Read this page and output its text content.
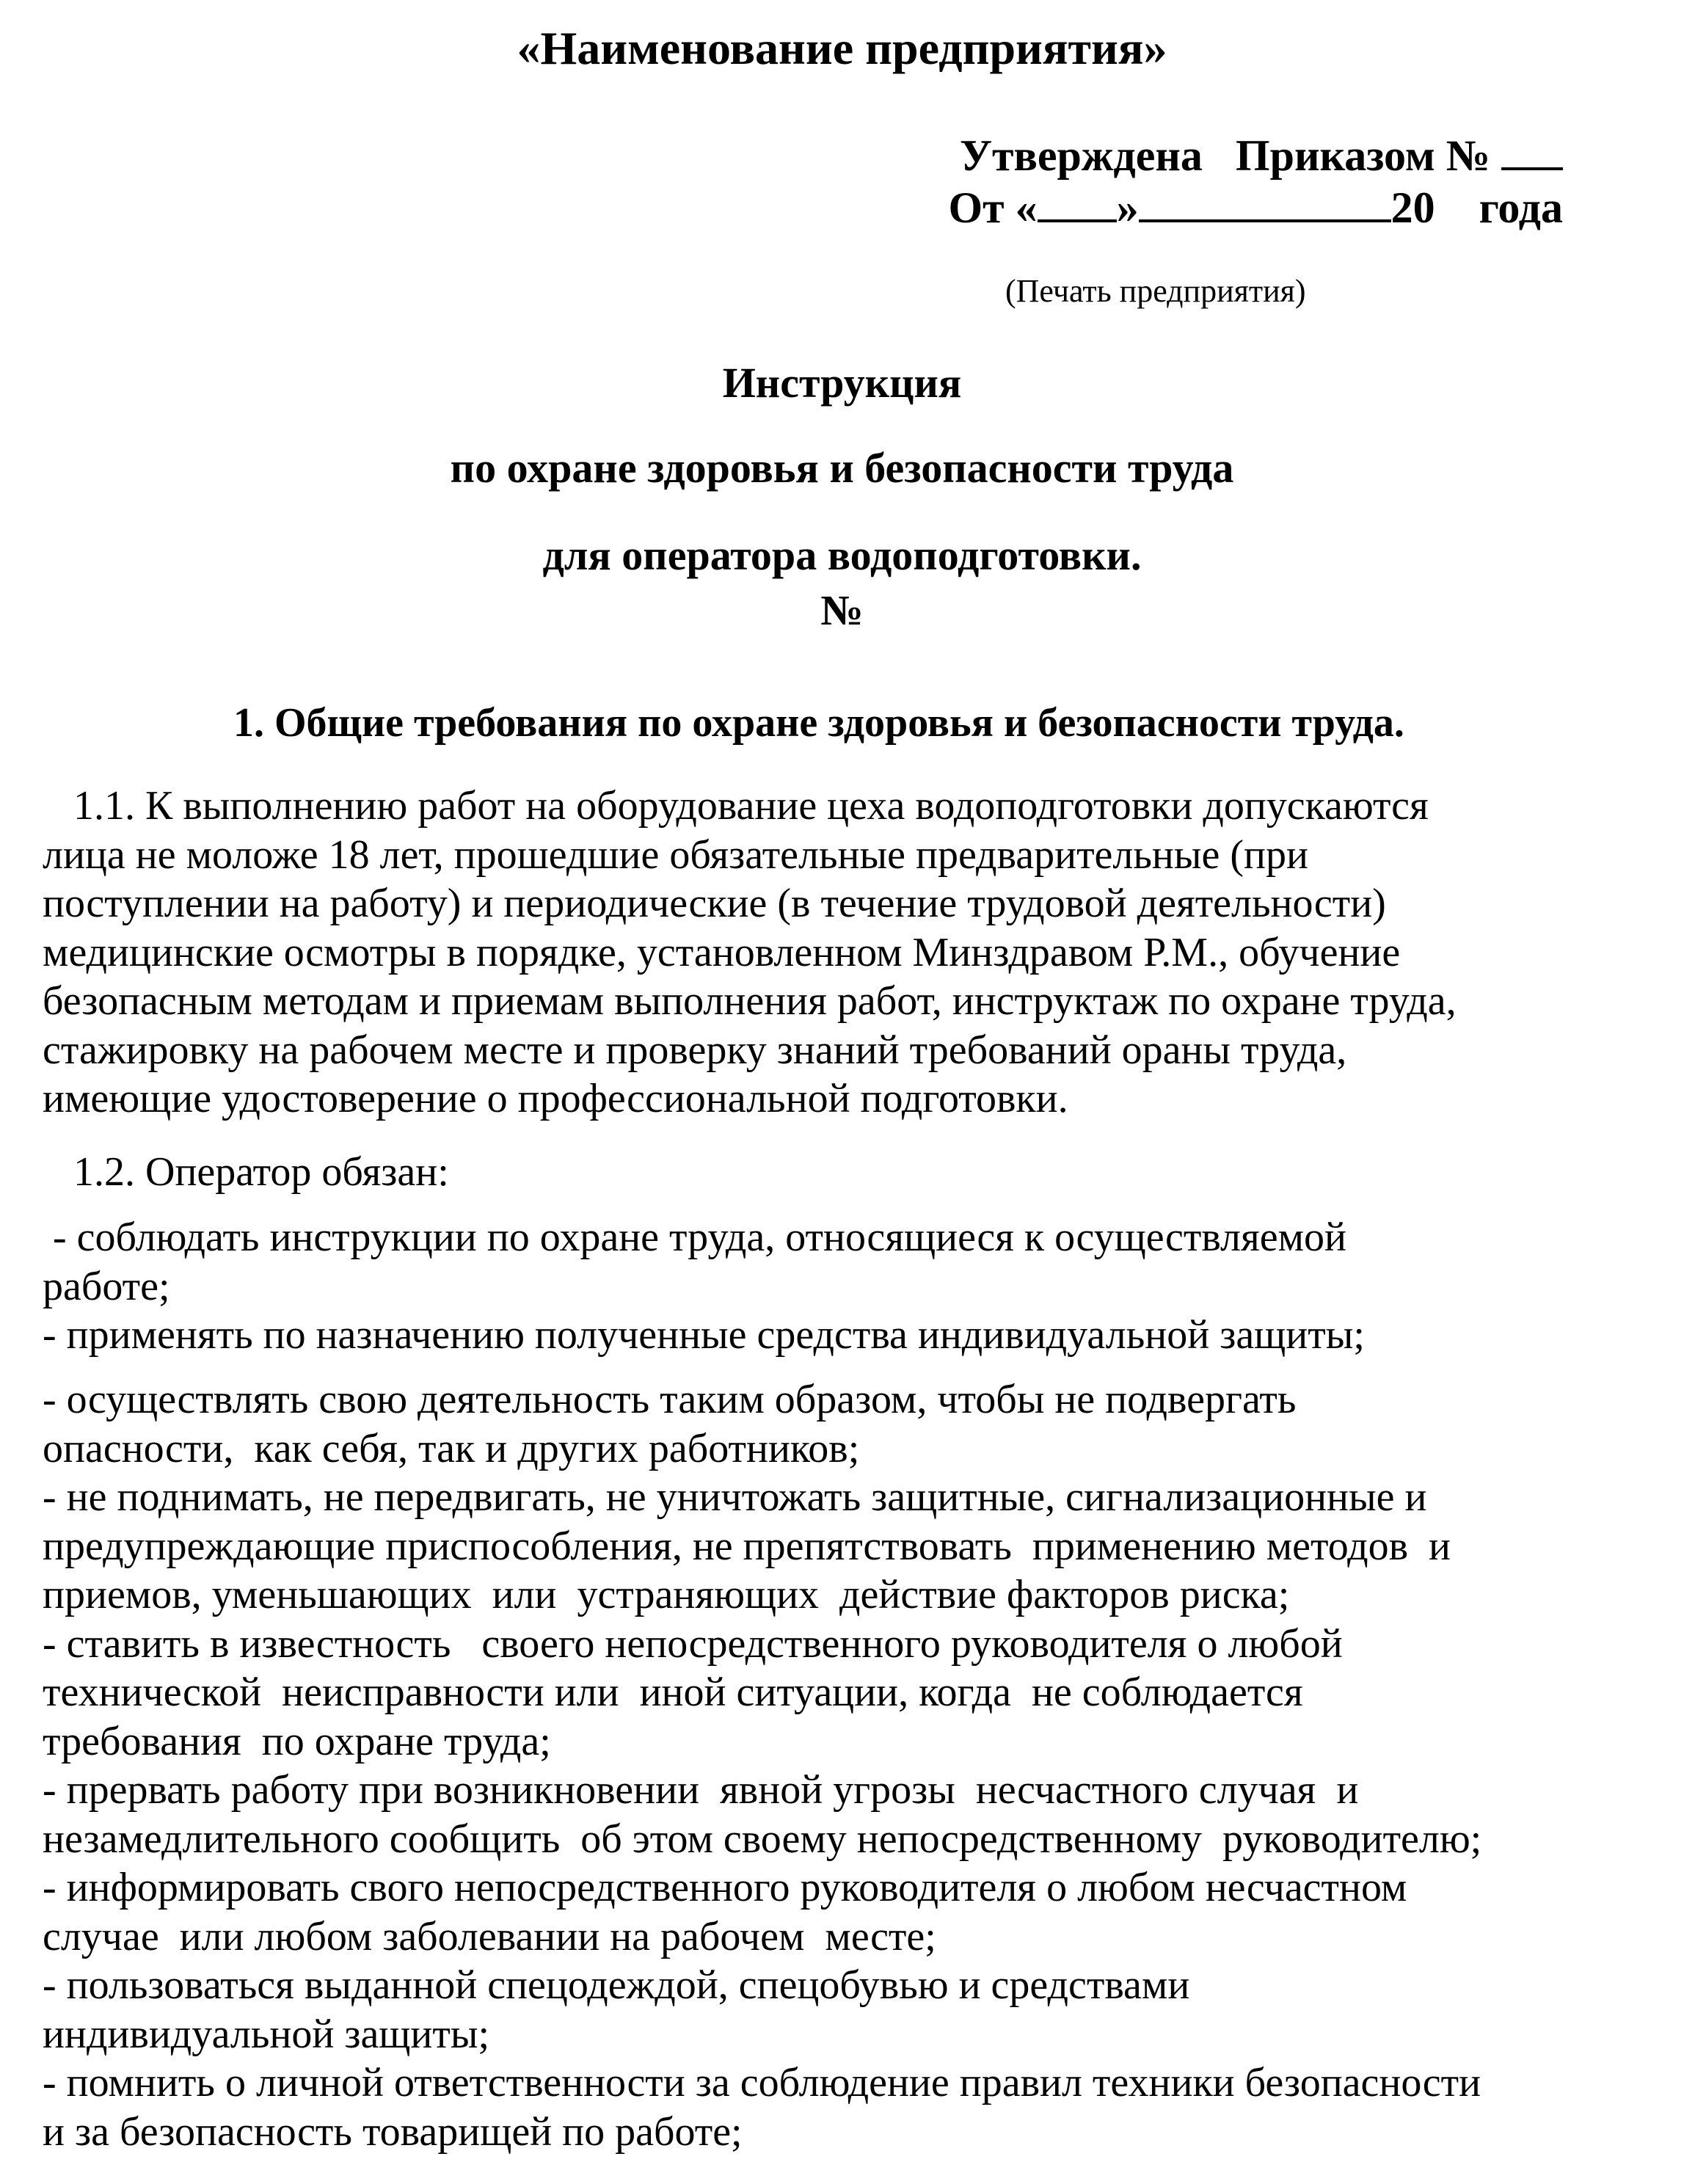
«Наименование предприятия»
Утверждена   Приказом №
От « »	20    года
(Печать предприятия)
Инструкция
по охране здоровья и безопасности труда
для оператора водоподготовки.
№
1. Общие требования по охране здоровья и безопасности труда.

1.1. К выполнению работ на оборудование цеха водоподготовки допускаются

лица не моложе 18 лет, прошедшие обязательные предварительные (при

поступлении на работу) и периодические (в течение трудовой деятельности)

медицинские осмотры в порядке, установленном Минздравом Р.М., обучение

безопасным методам и приемам выполнения работ, инструктаж по охране труда,

стажировку на рабочем месте и проверку знаний требований ораны труда,

имеющие удостоверение о профессиональной подготовки.

1.2. Оператор обязан:

- соблюдать инструкции по охране труда, относящиеся к осуществляемой

работе;

- применять по назначению полученные средства индивидуальной защиты;

- осуществлять свою деятельность таким образом, чтобы не подвергать

опасности,  как себя, так и других работников;

- не поднимать, не передвигать, не уничтожать защитные, сигнализационные и

предупреждающие приспособления, не препятствовать  применению методов  и

приемов, уменьшающих  или  устраняющих  действие факторов риска;

- ставить в известность   своего непосредственного руководителя о любой

технической  неисправности или  иной ситуации, когда  не соблюдается

требования  по охране труда;

- прервать работу при возникновении  явной угрозы  несчастного случая  и

незамедлительного сообщить  об этом своему непосредственному  руководителю;

- информировать свого непосредственного руководителя о любом несчастном

случае  или любом заболевании на рабочем  месте;

- пользоваться выданной спецодеждой, спецобувью и средствами

индивидуальной защиты;

- помнить о личной ответственности за соблюдение правил техники безопасности

и за безопасность товарищей по работе;
